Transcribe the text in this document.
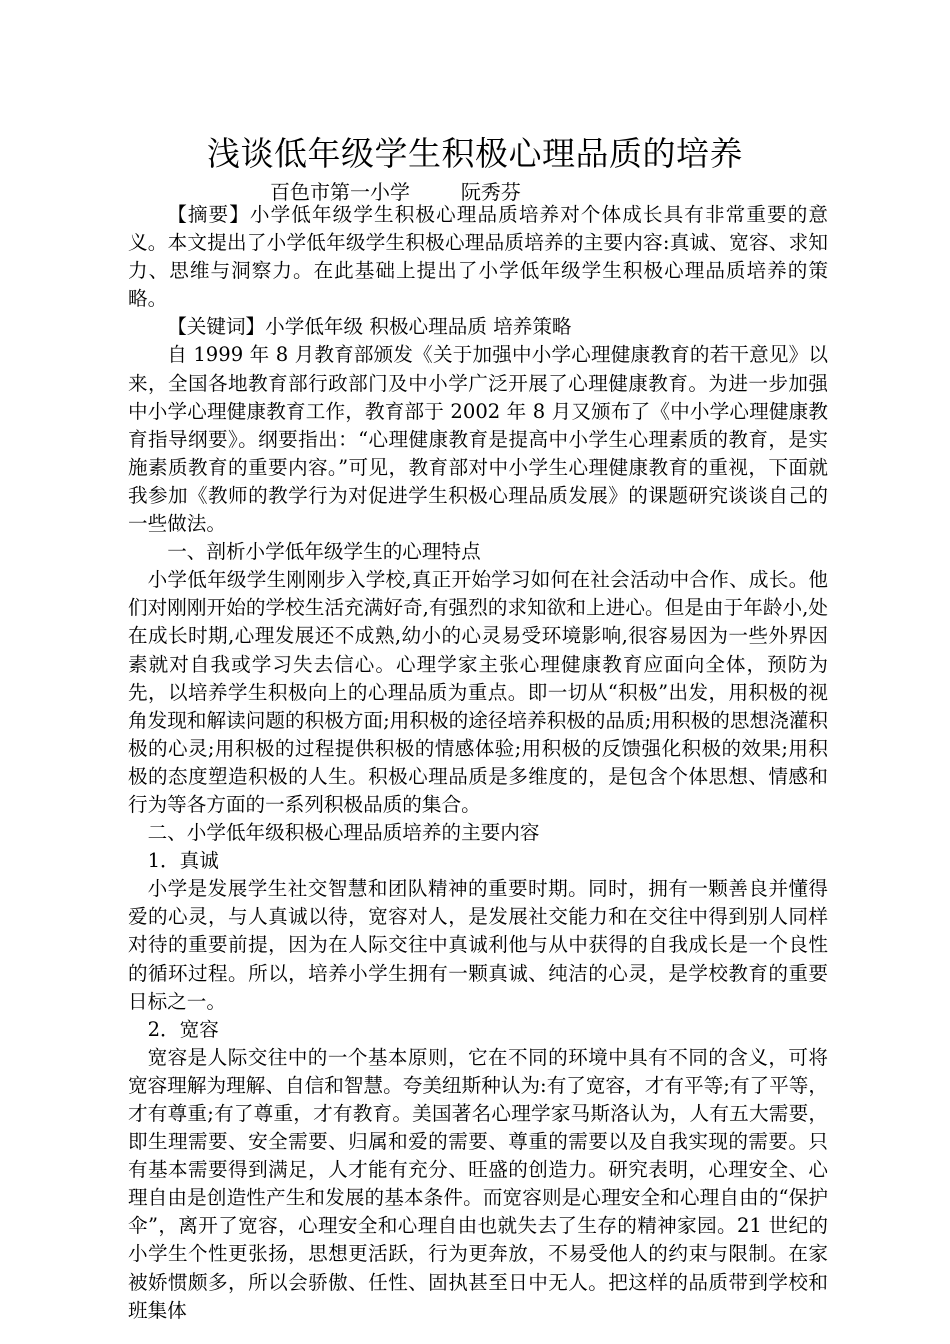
浅谈低年级学生积极心理品质的培养
百色市第一小学        阮秀芬

【摘要】小学低年级学生积极心理品质培养对个体成长具有非常重要的意义。本文提出了小学低年级学生积极心理品质培养的主要内容:真诚、宽容、求知力、思维与洞察力。在此基础上提出了小学低年级学生积极心理品质培养的策略。

【关键词】小学低年级 积极心理品质 培养策略

自 1999 年 8 月教育部颁发《关于加强中小学心理健康教育的若干意见》以来，全国各地教育部行政部门及中小学广泛开展了心理健康教育。为进一步加强中小学心理健康教育工作，教育部于 2002 年 8 月又颁布了《中小学心理健康教育指导纲要》。纲要指出：“心理健康教育是提高中小学生心理素质的教育，是实施素质教育的重要内容。”可见，教育部对中小学生心理健康教育的重视，下面就我参加《教师的教学行为对促进学生积极心理品质发展》的课题研究谈谈自己的一些做法。

一、剖析小学低年级学生的心理特点

小学低年级学生刚刚步入学校,真正开始学习如何在社会活动中合作、成长。他们对刚刚开始的学校生活充满好奇,有强烈的求知欲和上进心。但是由于年龄小,处在成长时期,心理发展还不成熟,幼小的心灵易受环境影响,很容易因为一些外界因素就对自我或学习失去信心。心理学家主张心理健康教育应面向全体，预防为先，以培养学生积极向上的心理品质为重点。即一切从“积极”出发，用积极的视角发现和解读问题的积极方面;用积极的途径培养积极的品质;用积极的思想浇灌积极的心灵;用积极的过程提供积极的情感体验;用积极的反馈强化积极的效果;用积极的态度塑造积极的人生。积极心理品质是多维度的，是包含个体思想、情感和行为等各方面的一系列积极品质的集合。

二、小学低年级积极心理品质培养的主要内容

1．真诚

小学是发展学生社交智慧和团队精神的重要时期。同时，拥有一颗善良并懂得爱的心灵，与人真诚以待，宽容对人，是发展社交能力和在交往中得到别人同样对待的重要前提，因为在人际交往中真诚利他与从中获得的自我成长是一个良性的循环过程。所以，培养小学生拥有一颗真诚、纯洁的心灵，是学校教育的重要日标之一。

2．宽容

宽容是人际交往中的一个基本原则，它在不同的环境中具有不同的含义，可将宽容理解为理解、自信和智慧。夸美纽斯种认为:有了宽容，才有平等;有了平等，才有尊重;有了尊重，才有教育。美国著名心理学家马斯洛认为，人有五大需要，即生理需要、安全需要、归属和爱的需要、尊重的需要以及自我实现的需要。只有基本需要得到满足，人才能有充分、旺盛的创造力。研究表明，心理安全、心理自由是创造性产生和发展的基本条件。而宽容则是心理安全和心理自由的“保护伞”，离开了宽容，心理安全和心理自由也就失去了生存的精神家园。21 世纪的小学生个性更张扬，思想更活跃，行为更奔放，不易受他人的约束与限制。在家被娇惯颇多，所以会骄傲、任性、固执甚至日中无人。把这样的品质带到学校和班集体
